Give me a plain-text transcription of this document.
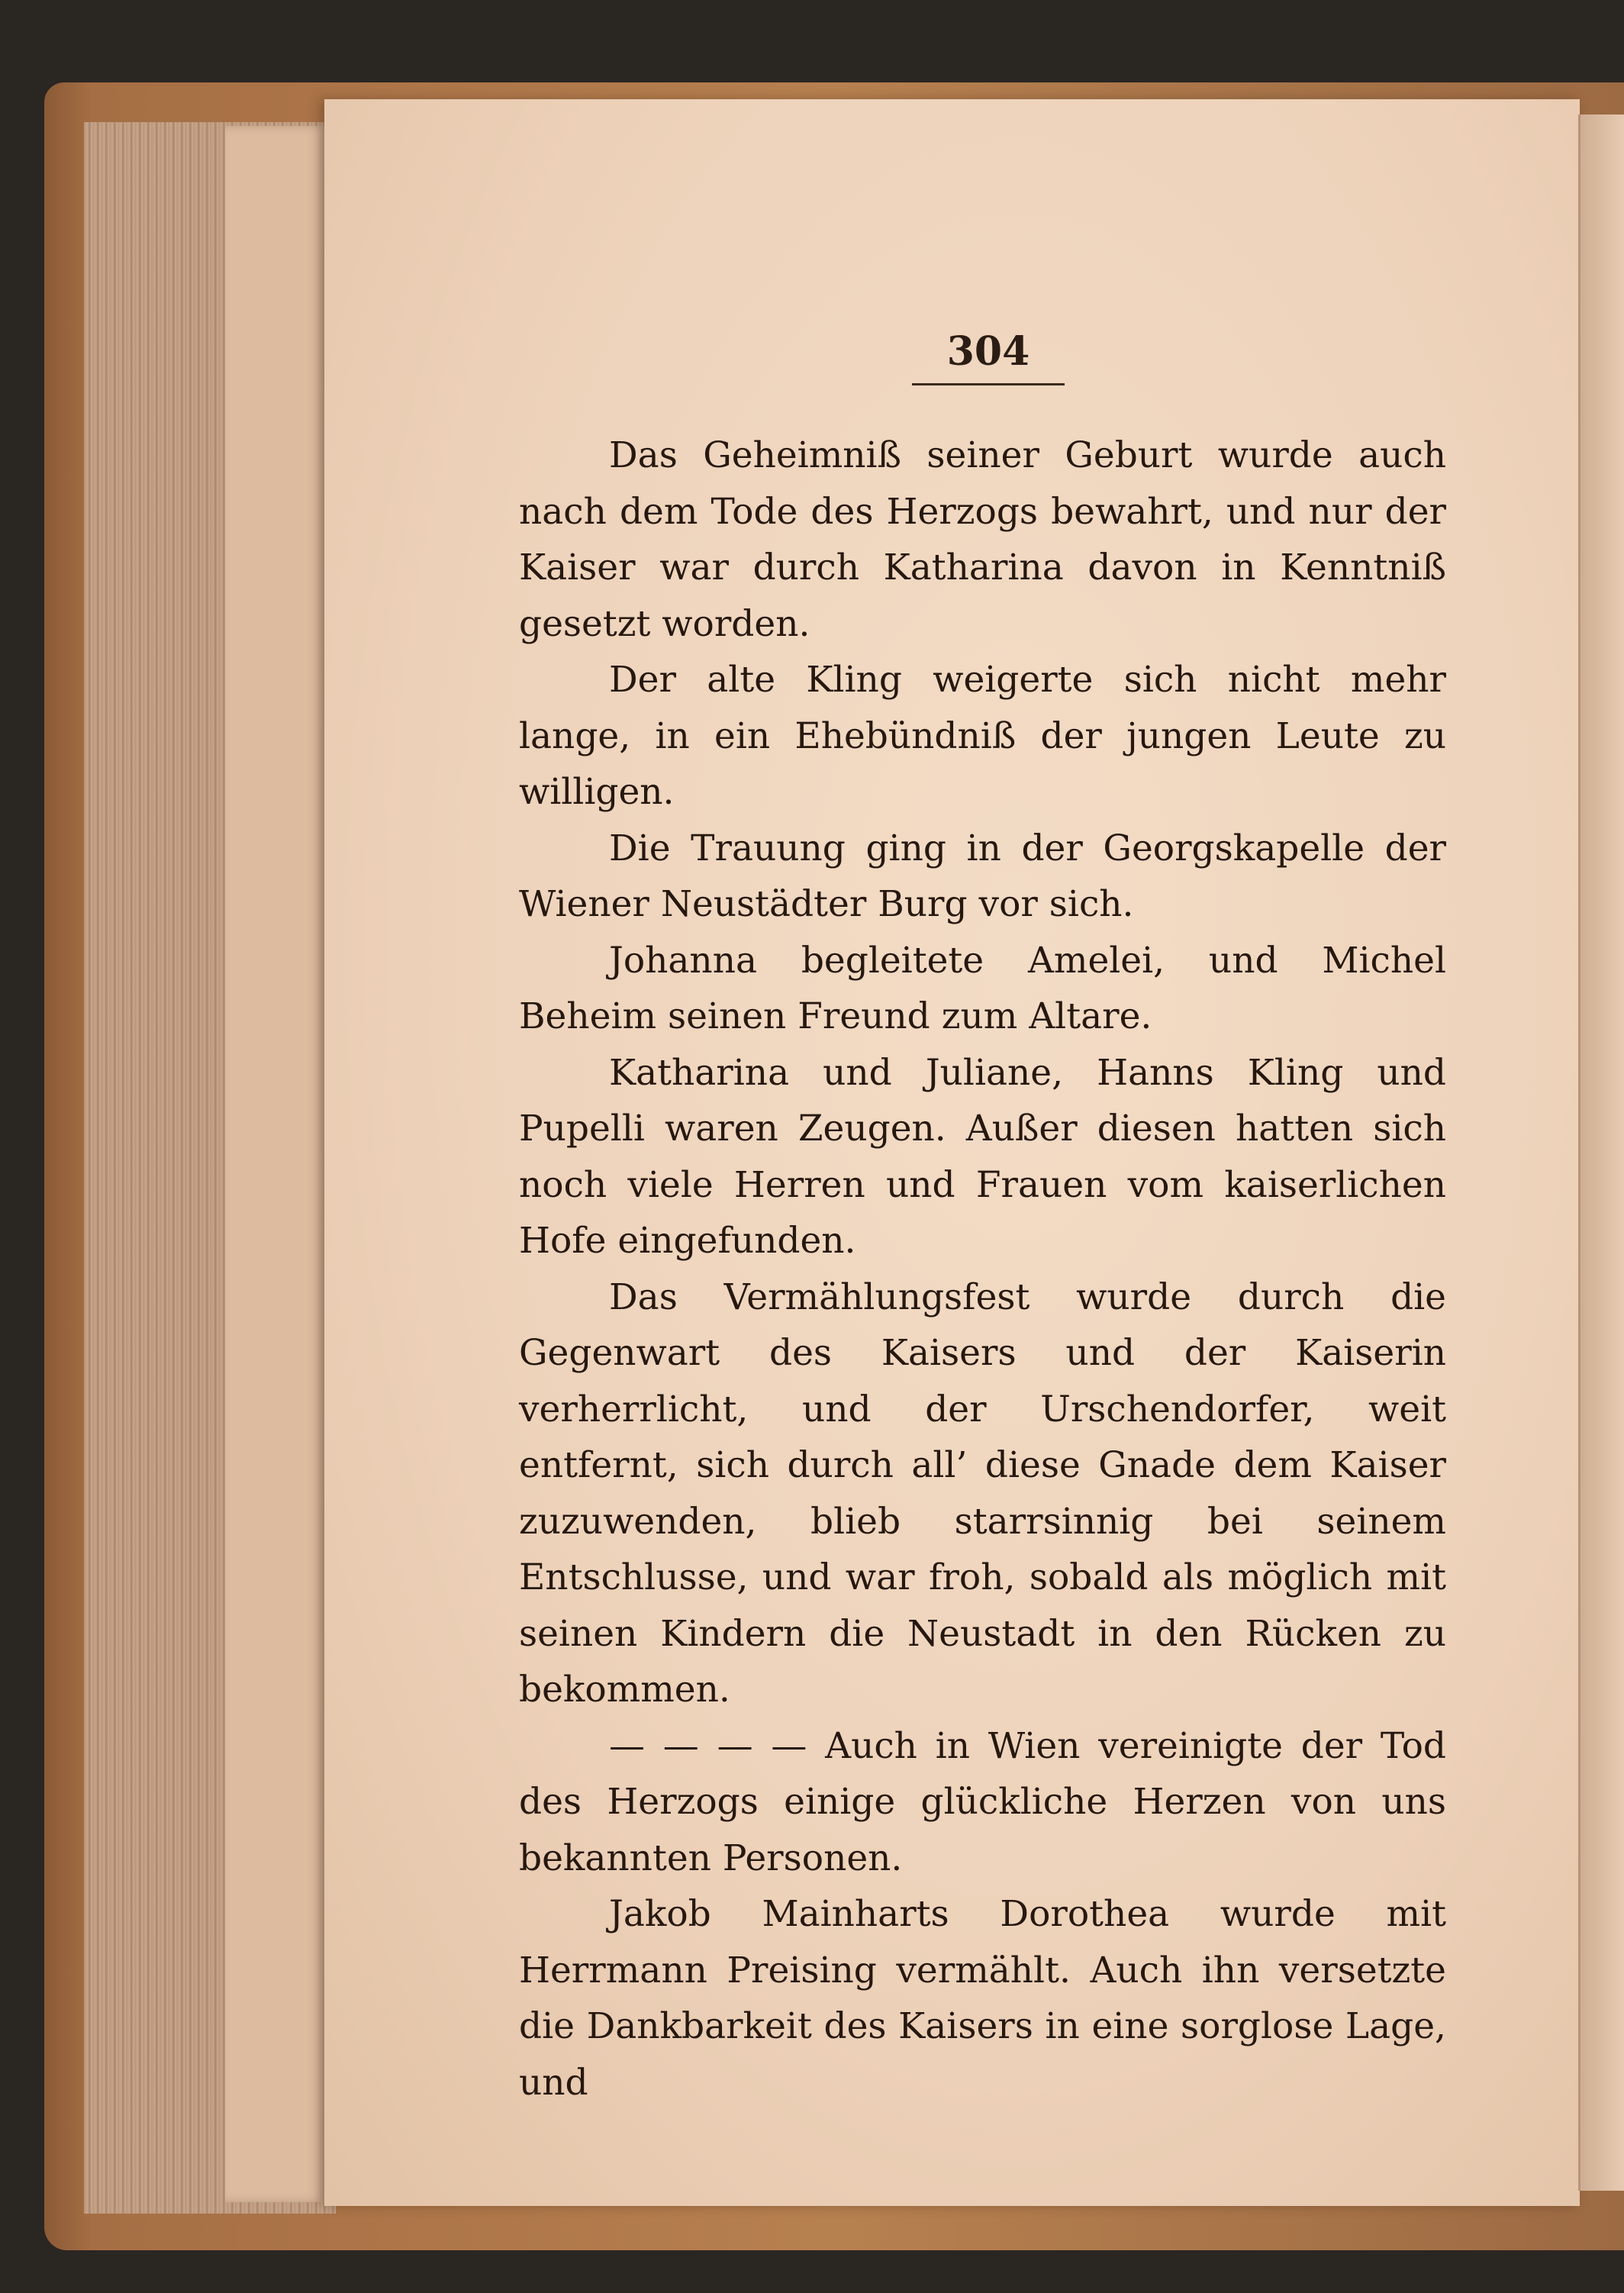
304

Das Geheimniß seiner Geburt wurde auch nach dem Tode des Herzogs bewahrt, und nur der Kaiser war durch Katharina davon in Kenntniß gesetzt worden.

Der alte Kling weigerte sich nicht mehr lange, in ein Ehebündniß der jungen Leute zu willigen.

Die Trauung ging in der Georgskapelle der Wiener Neustädter Burg vor sich.

Johanna begleitete Amelei, und Michel Beheim seinen Freund zum Altare.

Katharina und Juliane, Hanns Kling und Pupelli waren Zeugen. Außer diesen hatten sich noch viele Herren und Frauen vom kaiserlichen Hofe eingefunden.

Das Vermählungsfest wurde durch die Gegenwart des Kaisers und der Kaiserin verherrlicht, und der Urschendorfer, weit entfernt, sich durch all’ diese Gnade dem Kaiser zuzuwenden, blieb starrsinnig bei seinem Entschlusse, und war froh, sobald als möglich mit seinen Kindern die Neustadt in den Rücken zu bekommen.

— — — — Auch in Wien vereinigte der Tod des Herzogs einige glückliche Herzen von uns bekannten Personen.

Jakob Mainharts Dorothea wurde mit Herrmann Preising vermählt. Auch ihn versetzte die Dankbarkeit des Kaisers in eine sorglose Lage, und
